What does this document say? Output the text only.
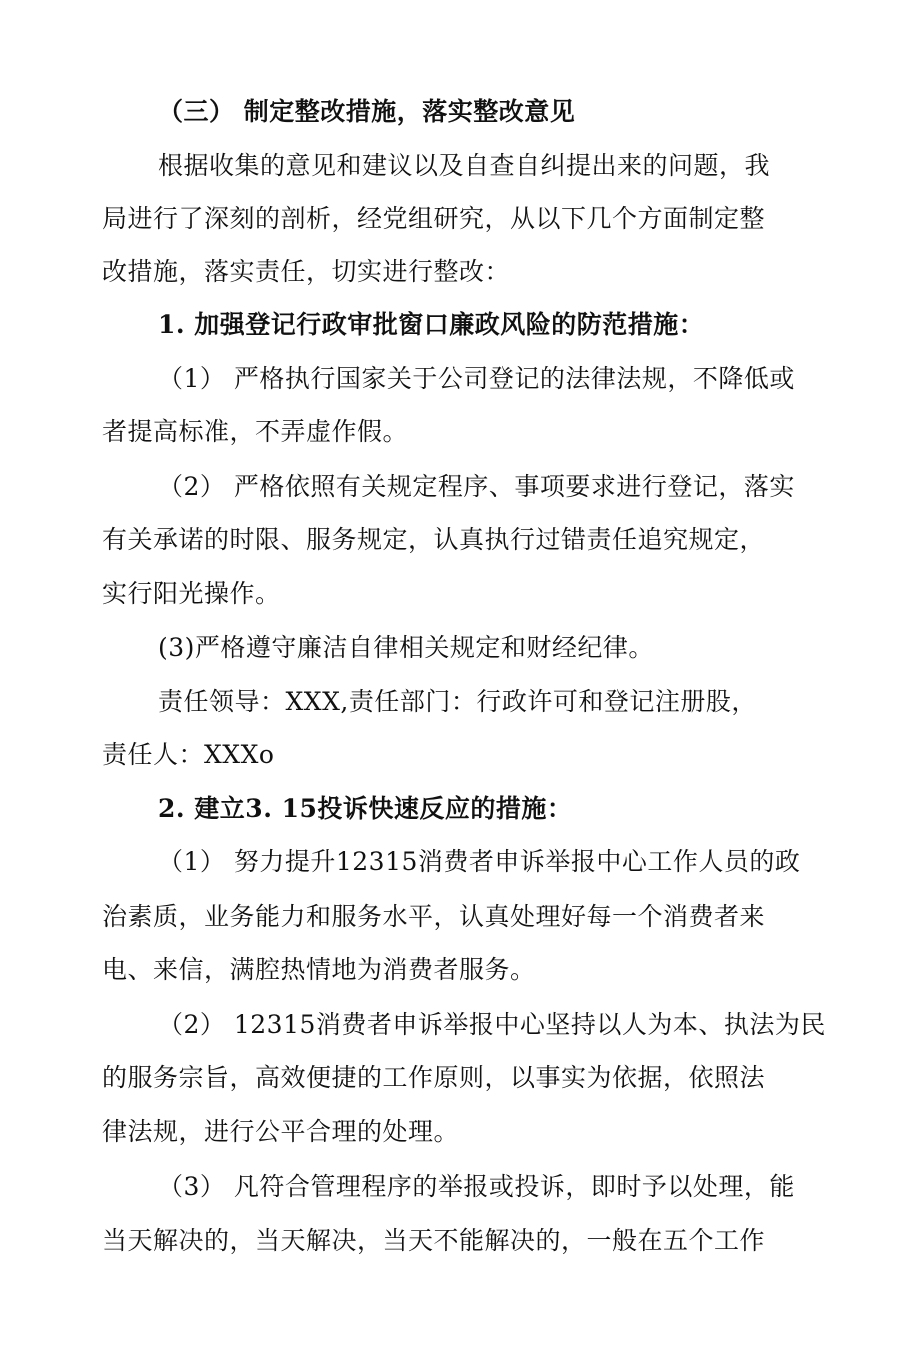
（三） 制定整改措施，落实整改意见
根据收集的意见和建议以及自查自纠提出来的问题，我
局进行了深刻的剖析，经党组研究，从以下几个方面制定整
改措施，落实责任，切实进行整改：
1. 加强登记行政审批窗口廉政风险的防范措施：
（1） 严格执行国家关于公司登记的法律法规，不降低或
者提高标准，不弄虚作假。
（2） 严格依照有关规定程序、事项要求进行登记，落实
有关承诺的时限、服务规定，认真执行过错责任追究规定，
实行阳光操作。
(3)严格遵守廉洁自律相关规定和财经纪律。
责任领导：XXX,责任部门：行政许可和登记注册股，
责任人：XXXo
2. 建立3. 15投诉快速反应的措施：
（1） 努力提升12315消费者申诉举报中心工作人员的政
治素质，业务能力和服务水平，认真处理好每一个消费者来
电、来信，满腔热情地为消费者服务。
（2） 12315消费者申诉举报中心坚持以人为本、执法为民
的服务宗旨，高效便捷的工作原则，以事实为依据，依照法
律法规，进行公平合理的处理。
（3） 凡符合管理程序的举报或投诉，即时予以处理，能
当天解决的，当天解决，当天不能解决的，一般在五个工作
